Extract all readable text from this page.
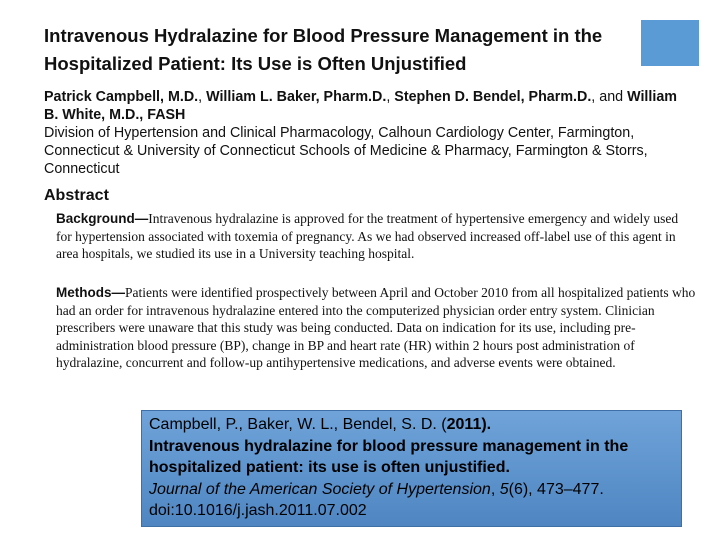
Intravenous Hydralazine for Blood Pressure Management in the Hospitalized Patient: Its Use is Often Unjustified
Patrick Campbell, M.D., William L. Baker, Pharm.D., Stephen D. Bendel, Pharm.D., and William B. White, M.D., FASH
Division of Hypertension and Clinical Pharmacology, Calhoun Cardiology Center, Farmington, Connecticut & University of Connecticut Schools of Medicine & Pharmacy, Farmington & Storrs, Connecticut
Abstract
Background—Intravenous hydralazine is approved for the treatment of hypertensive emergency and widely used for hypertension associated with toxemia of pregnancy. As we had observed increased off-label use of this agent in area hospitals, we studied its use in a University teaching hospital.
Methods—Patients were identified prospectively between April and October 2010 from all hospitalized patients who had an order for intravenous hydralazine entered into the computerized physician order entry system. Clinician prescribers were unaware that this study was being conducted. Data on indication for its use, including pre-administration blood pressure (BP), change in BP and heart rate (HR) within 2 hours post administration of hydralazine, concurrent and follow-up antihypertensive medications, and adverse events were obtained.
Campbell, P., Baker, W. L., Bendel, S. D. (2011).
Intravenous hydralazine for blood pressure management in the hospitalized patient: its use is often unjustified.
Journal of the American Society of Hypertension, 5(6), 473–477.
doi:10.1016/j.jash.2011.07.002
